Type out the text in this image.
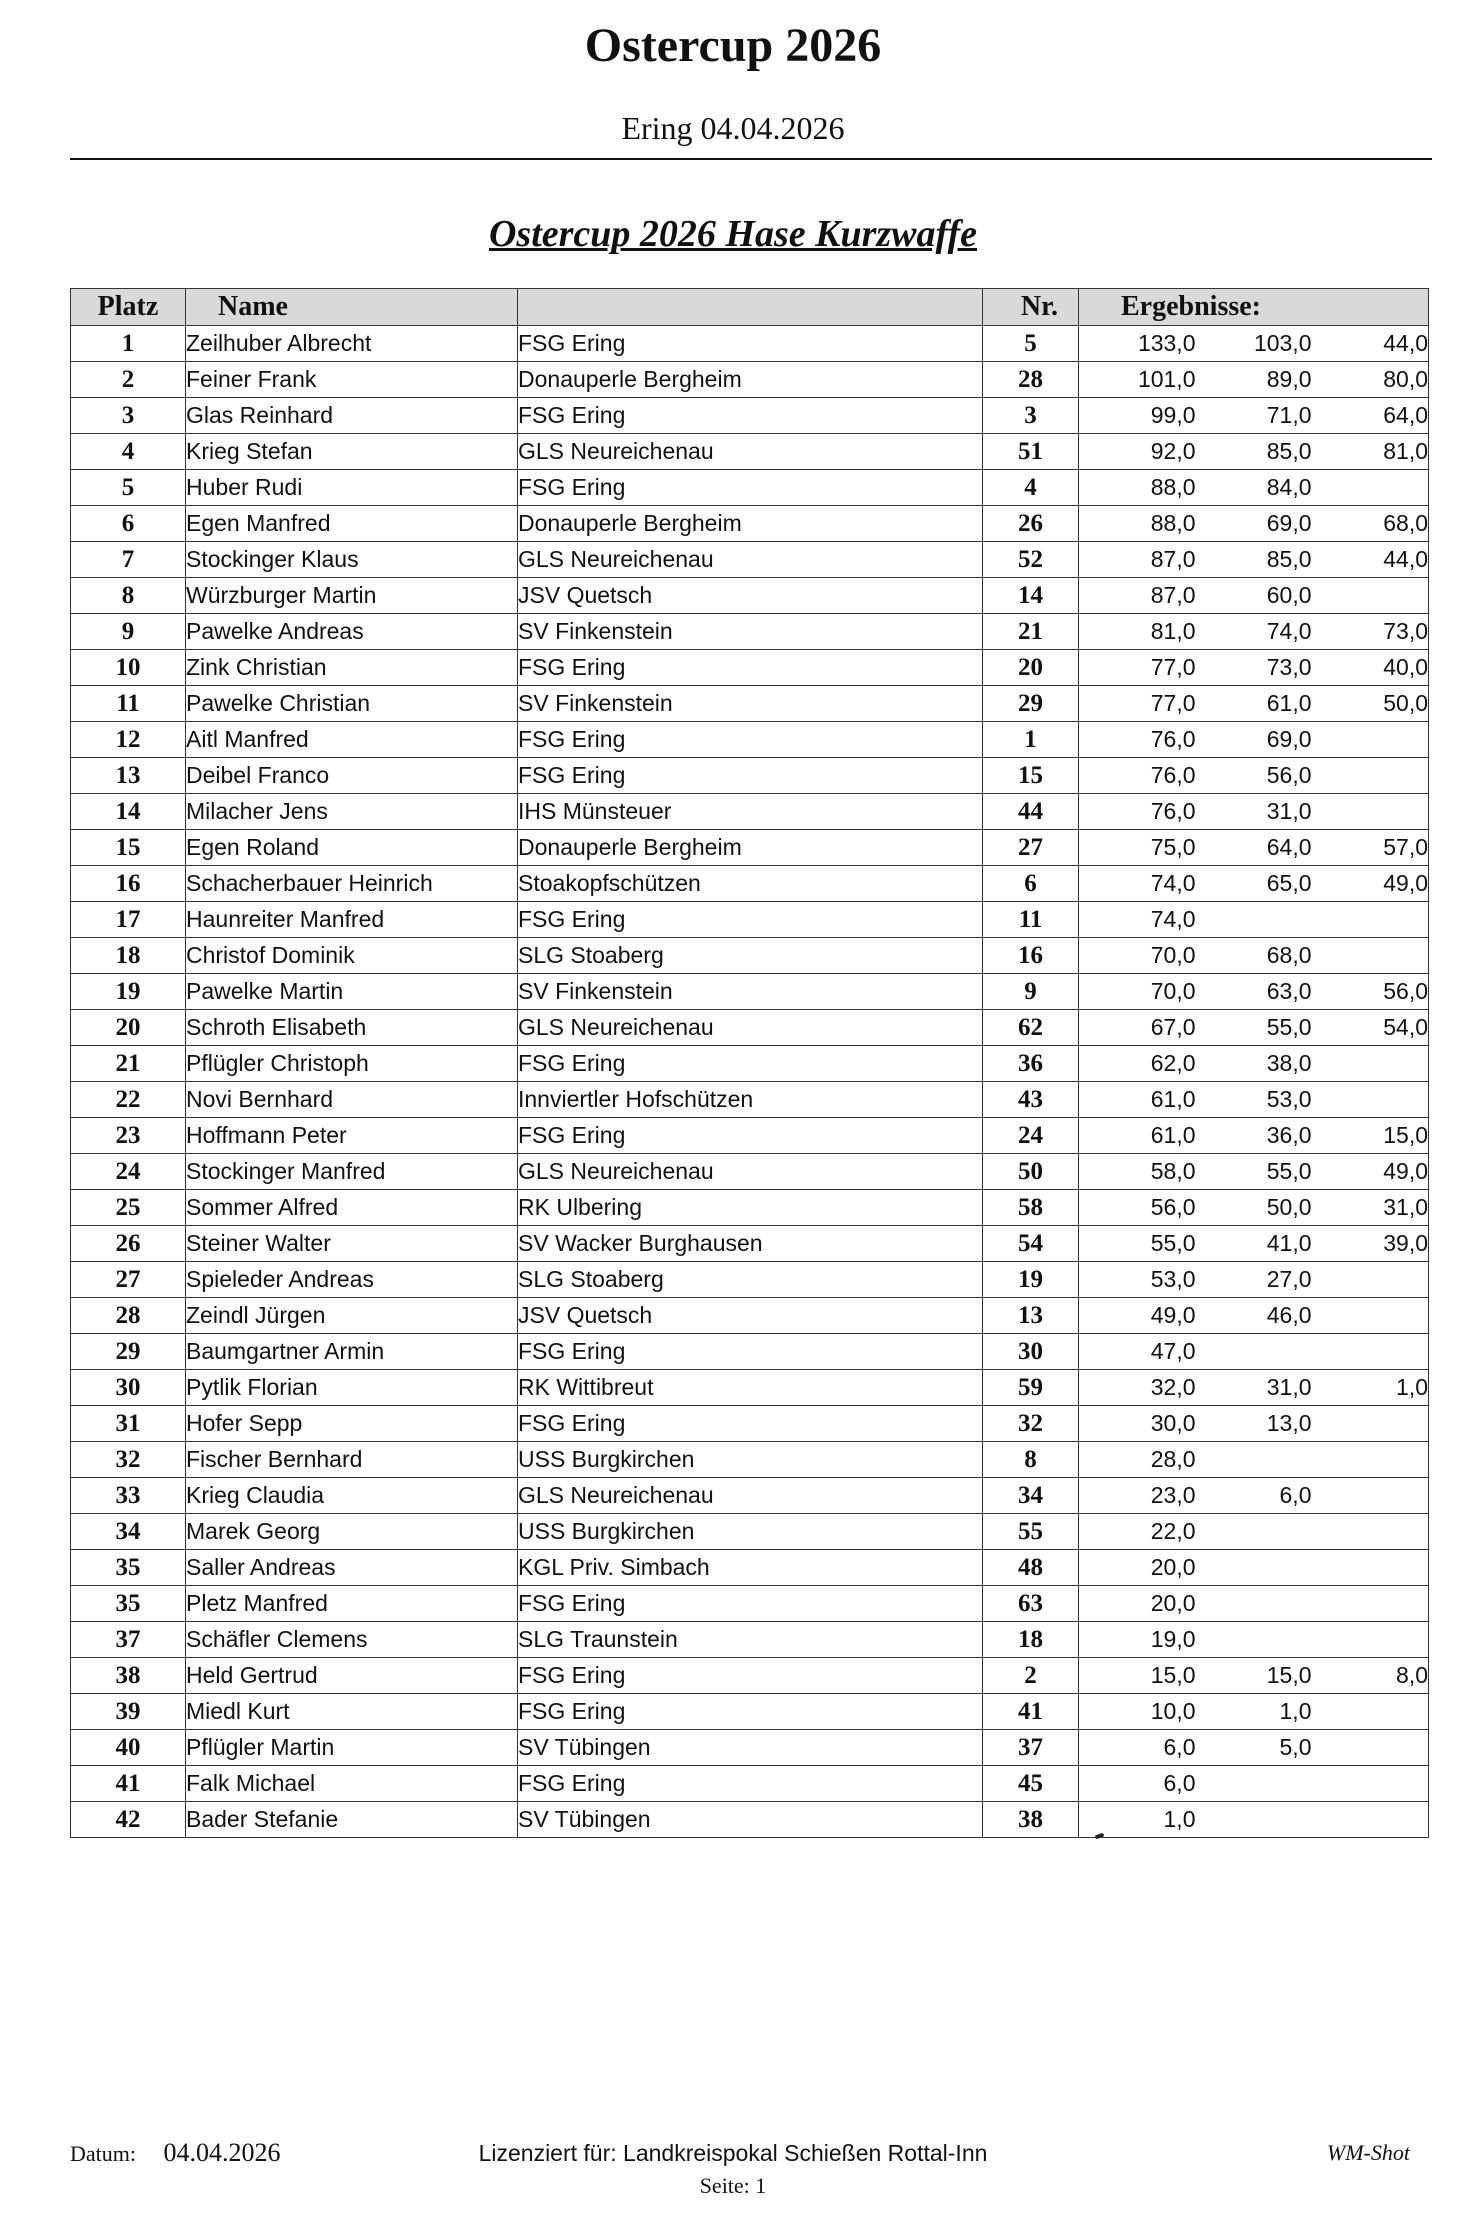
Ostercup 2026
Ering 04.04.2026
Ostercup 2026 Hase Kurzwaffe
Platz	Name		Nr.	Ergebnisse:		
1	Zeilhuber Albrecht	FSG Ering	5	133,0	103,0	44,0
2	Feiner Frank	Donauperle Bergheim	28	101,0	89,0	80,0
3	Glas Reinhard	FSG Ering	3	99,0	71,0	64,0
4	Krieg Stefan	GLS Neureichenau	51	92,0	85,0	81,0
5	Huber Rudi	FSG Ering	4	88,0	84,0	
6	Egen Manfred	Donauperle Bergheim	26	88,0	69,0	68,0
7	Stockinger Klaus	GLS Neureichenau	52	87,0	85,0	44,0
8	Würzburger Martin	JSV Quetsch	14	87,0	60,0	
9	Pawelke Andreas	SV Finkenstein	21	81,0	74,0	73,0
10	Zink Christian	FSG Ering	20	77,0	73,0	40,0
11	Pawelke Christian	SV Finkenstein	29	77,0	61,0	50,0
12	Aitl Manfred	FSG Ering	1	76,0	69,0	
13	Deibel Franco	FSG Ering	15	76,0	56,0	
14	Milacher Jens	IHS Münsteuer	44	76,0	31,0	
15	Egen Roland	Donauperle Bergheim	27	75,0	64,0	57,0
16	Schacherbauer Heinrich	Stoakopfschützen	6	74,0	65,0	49,0
17	Haunreiter Manfred	FSG Ering	11	74,0		
18	Christof Dominik	SLG Stoaberg	16	70,0	68,0	
19	Pawelke Martin	SV Finkenstein	9	70,0	63,0	56,0
20	Schroth Elisabeth	GLS Neureichenau	62	67,0	55,0	54,0
21	Pflügler Christoph	FSG Ering	36	62,0	38,0	
22	Novi Bernhard	Innviertler Hofschützen	43	61,0	53,0	
23	Hoffmann Peter	FSG Ering	24	61,0	36,0	15,0
24	Stockinger Manfred	GLS Neureichenau	50	58,0	55,0	49,0
25	Sommer Alfred	RK Ulbering	58	56,0	50,0	31,0
26	Steiner Walter	SV Wacker Burghausen	54	55,0	41,0	39,0
27	Spieleder Andreas	SLG Stoaberg	19	53,0	27,0	
28	Zeindl Jürgen	JSV Quetsch	13	49,0	46,0	
29	Baumgartner Armin	FSG Ering	30	47,0		
30	Pytlik Florian	RK Wittibreut	59	32,0	31,0	1,0
31	Hofer Sepp	FSG Ering	32	30,0	13,0	
32	Fischer Bernhard	USS Burgkirchen	8	28,0		
33	Krieg Claudia	GLS Neureichenau	34	23,0	6,0	
34	Marek Georg	USS Burgkirchen	55	22,0		
35	Saller Andreas	KGL Priv. Simbach	48	20,0		
35	Pletz Manfred	FSG Ering	63	20,0		
37	Schäfler Clemens	SLG Traunstein	18	19,0		
38	Held Gertrud	FSG Ering	2	15,0	15,0	8,0
39	Miedl Kurt	FSG Ering	41	10,0	1,0	
40	Pflügler Martin	SV Tübingen	37	6,0	5,0	
41	Falk Michael	FSG Ering	45	6,0		
42	Bader Stefanie	SV Tübingen	38	1,0		
Datum: 04.04.2026	Lizenziert für: Landkreispokal Schießen Rottal-Inn
Seite: 1
WM-Shot
